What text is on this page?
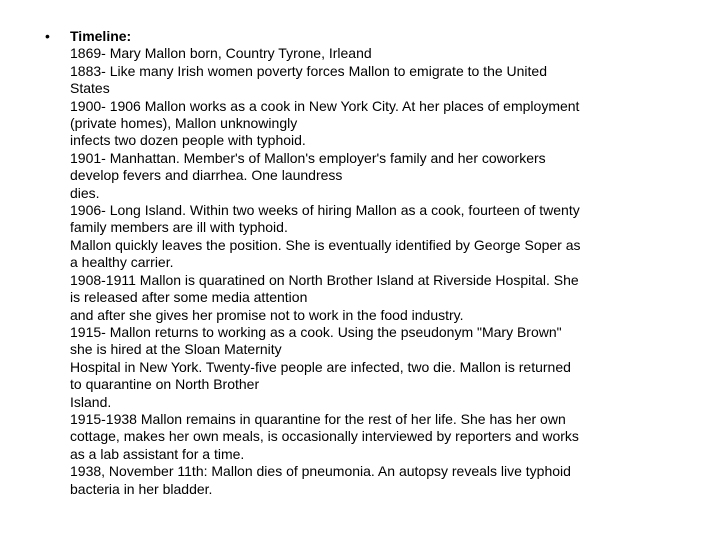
• Timeline:
1869- Mary Mallon born, Country Tyrone, Irleand
1883- Like many Irish women poverty forces Mallon to emigrate to the United
States
1900- 1906 Mallon works as a cook in New York City. At her places of employment
(private homes), Mallon unknowingly
infects two dozen people with typhoid.
1901- Manhattan. Member's of Mallon's employer's family and her coworkers
develop fevers and diarrhea. One laundress
dies.
1906- Long Island. Within two weeks of hiring Mallon as a cook, fourteen of twenty
family members are ill with typhoid.
Mallon quickly leaves the position. She is eventually identified by George Soper as
a healthy carrier.
1908-1911 Mallon is quaratined on North Brother Island at Riverside Hospital. She
is released after some media attention
and after she gives her promise not to work in the food industry.
1915- Mallon returns to working as a cook. Using the pseudonym "Mary Brown"
she is hired at the Sloan Maternity
Hospital in New York. Twenty-five people are infected, two die. Mallon is returned
to quarantine on North Brother
Island.
1915-1938 Mallon remains in quarantine for the rest of her life. She has her own
cottage, makes her own meals, is occasionally interviewed by reporters and works
as a lab assistant for a time.
1938, November 11th: Mallon dies of pneumonia. An autopsy reveals live typhoid
bacteria in her bladder.
